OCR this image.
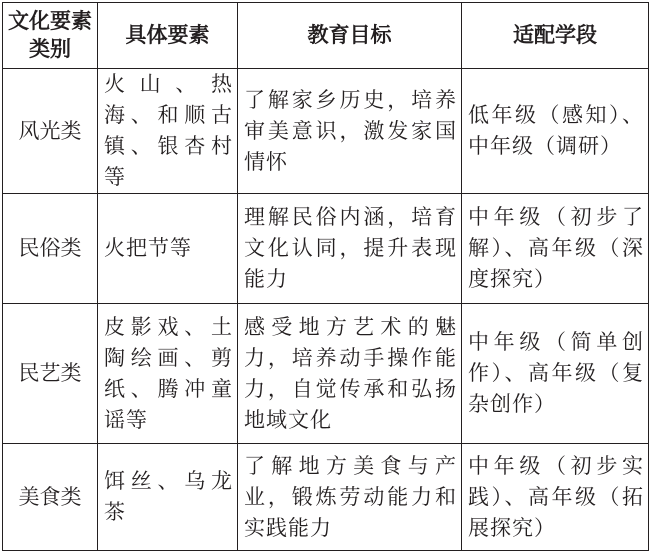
文化要素类别	具体要素	教育目标	适配学段
风光类	火山、热海、和顺古镇、银杏村等	了解家乡历史，培养审美意识，激发家国情怀	低年级（感知）、中年级（调研）
民俗类	火把节等	理解民俗内涵，培育文化认同，提升表现能力	中年级（初步了解）、高年级（深度探究）
民艺类	皮影戏、土陶绘画、剪纸、腾冲童谣等	感受地方艺术的魅力，培养动手操作能力，自觉传承和弘扬地域文化	中年级（简单创作）、高年级（复杂创作）
美食类	饵丝、乌龙茶	了解地方美食与产业，锻炼劳动能力和实践能力	中年级（初步实践）、高年级（拓展探究）
